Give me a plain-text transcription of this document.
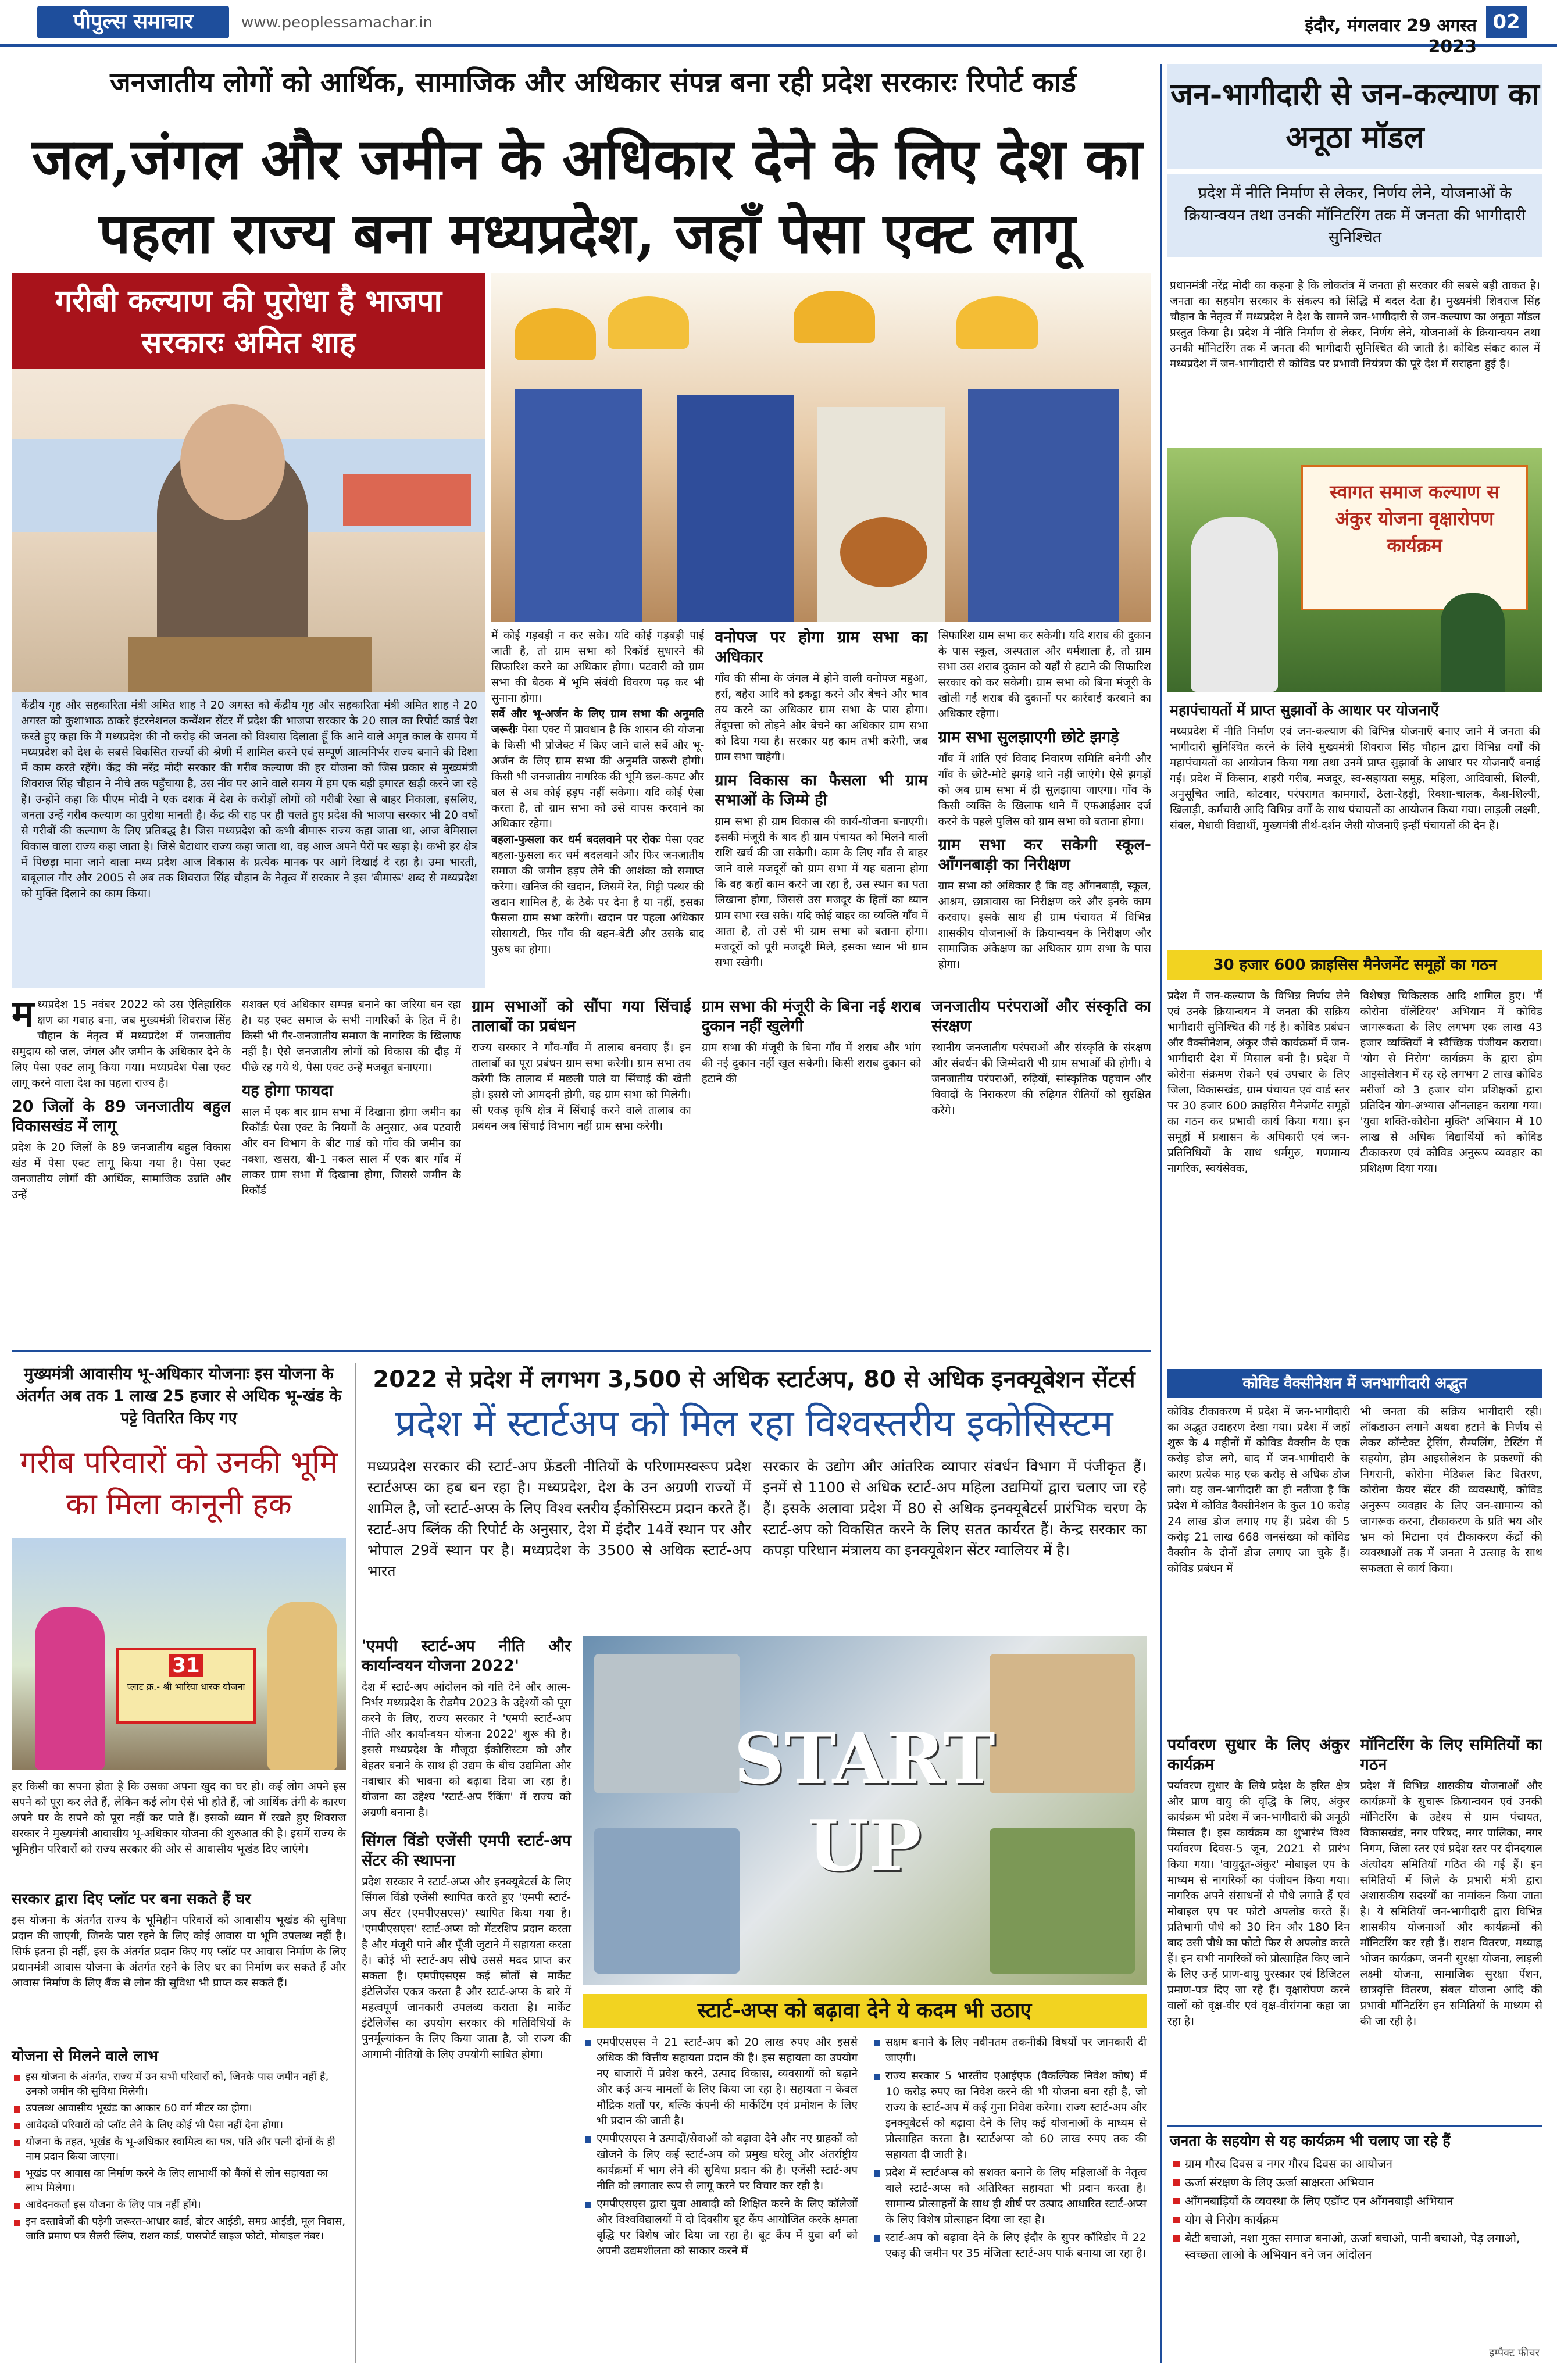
पीपुल्स समाचार	www.peoplessamachar.in	इंदौर, मंगलवार 29 अगस्त 2023
02
जनजातीय लोगों को आर्थिक, सामाजिक और अधिकार संपन्न बना रही प्रदेश सरकारः रिपोर्ट कार्ड
जल,जंगल और जमीन के अधिकार देने के लिए देश का पहला राज्य बना मध्यप्रदेश, जहाँ पेसा एक्ट लागू
गरीबी कल्याण की पुरोधा है भाजपा सरकारः अमित शाह
केंद्रीय गृह और सहकारिता मंत्री अमित शाह ने 20 अगस्त को केंद्रीय गृह और सहकारिता मंत्री अमित शाह ने 20 अगस्त को कुशाभाऊ ठाकरे इंटरनेशनल कन्वेंशन सेंटर में प्रदेश की भाजपा सरकार के 20 साल का रिपोर्ट कार्ड पेश करते हुए कहा कि मैं मध्यप्रदेश की नौ करोड़ की जनता को विश्वास दिलाता हूँ कि आने वाले अमृत काल के समय में मध्यप्रदेश को देश के सबसे विकसित राज्यों की श्रेणी में शामिल करने एवं सम्पूर्ण आत्मनिर्भर राज्य बनाने की दिशा में काम करते रहेंगे। केंद्र की नरेंद्र मोदी सरकार की गरीब कल्याण की हर योजना को जिस प्रकार से मुख्यमंत्री शिवराज सिंह चौहान ने नीचे तक पहुँचाया है, उस नींव पर आने वाले समय में हम एक बड़ी इमारत खड़ी करने जा रहे हैं। उन्होंने कहा कि पीएम मोदी ने एक दशक में देश के करोड़ों लोगों को गरीबी रेखा से बाहर निकाला, इसलिए, जनता उन्हें गरीब कल्याण का पुरोधा मानती है। केंद्र की राह पर ही चलते हुए प्रदेश की भाजपा सरकार भी 20 वर्षों से गरीबों की कल्याण के लिए प्रतिबद्ध है। जिस मध्यप्रदेश को कभी बीमारू राज्य कहा जाता था, आज बेमिसाल विकास वाला राज्य कहा जाता है। जिसे बैटाधार राज्य कहा जाता था, वह आज अपने पैरों पर खड़ा है। कभी हर क्षेत्र में पिछड़ा माना जाने वाला मध्य प्रदेश आज विकास के प्रत्येक मानक पर आगे दिखाई दे रहा है। उमा भारती, बाबूलाल गौर और 2005 से अब तक शिवराज सिंह चौहान के नेतृत्व में सरकार ने इस 'बीमारू' शब्द से मध्यप्रदेश को मुक्ति दिलाने का काम किया।
में कोई गड़बड़ी न कर सके। यदि कोई गड़बड़ी पाई जाती है, तो ग्राम सभा को रिकॉर्ड सुधारने की सिफारिश करने का अधिकार होगा। पटवारी को ग्राम सभा की बैठक में भूमि संबंधी विवरण पढ़ कर भी सुनाना होगा।
सर्वे और भू-अर्जन के लिए ग्राम सभा की अनुमति जरूरीः पेसा एक्ट में प्रावधान है कि शासन की योजना के किसी भी प्रोजेक्ट में किए जाने वाले सर्वे और भू-अर्जन के लिए ग्राम सभा की अनुमति जरूरी होगी। किसी भी जनजातीय नागरिक की भूमि छल-कपट और बल से अब कोई हड़प नहीं सकेगा। यदि कोई ऐसा करता है, तो ग्राम सभा को उसे वापस करवाने का अधिकार रहेगा।
बहला-फुसला कर धर्म बदलवाने पर रोकः पेसा एक्ट बहला-फुसला कर धर्म बदलवाने और फिर जनजातीय समाज की जमीन हड़प लेने की आशंका को समाप्त करेगा। खनिज की खदान, जिसमें रेत, गिट्टी पत्थर की खदान शामिल है, के ठेके पर देना है या नहीं, इसका फैसला ग्राम सभा करेगी। खदान पर पहला अधिकार सोसायटी, फिर गाँव की बहन-बेटी और उसके बाद पुरुष का होगा।
वनोपज पर होगा ग्राम सभा का अधिकार
गाँव की सीमा के जंगल में होने वाली वनोपज महुआ, हर्रा, बहेरा आदि को इकट्ठा करने और बेचने और भाव तय करने का अधिकार ग्राम सभा के पास होगा। तेंदूपत्ता को तोड़ने और बेचने का अधिकार ग्राम सभा को दिया गया है। सरकार यह काम तभी करेगी, जब ग्राम सभा चाहेगी।
ग्राम विकास का फैसला भी ग्राम सभाओं के जिम्मे ही
ग्राम सभा ही ग्राम विकास की कार्य-योजना बनाएगी। इसकी मंजूरी के बाद ही ग्राम पंचायत को मिलने वाली राशि खर्च की जा सकेगी। काम के लिए गाँव से बाहर जाने वाले मजदूरों को ग्राम सभा में यह बताना होगा कि वह कहाँ काम करने जा रहा है, उस स्थान का पता लिखाना होगा, जिससे उस मजदूर के हितों का ध्यान ग्राम सभा रख सके। यदि कोई बाहर का व्यक्ति गाँव में आता है, तो उसे भी ग्राम सभा को बताना होगा। मजदूरों को पूरी मजदूरी मिले, इसका ध्यान भी ग्राम सभा रखेगी।
सिफारिश ग्राम सभा कर सकेगी। यदि शराब की दुकान के पास स्कूल, अस्पताल और धर्मशाला है, तो ग्राम सभा उस शराब दुकान को यहाँ से हटाने की सिफारिश सरकार को कर सकेगी। ग्राम सभा को बिना मंजूरी के खोली गई शराब की दुकानों पर कार्रवाई करवाने का अधिकार रहेगा।
ग्राम सभा सुलझाएगी छोटे झगड़े
गाँव में शांति एवं विवाद निवारण समिति बनेगी और गाँव के छोटे-मोटे झगड़े थाने नहीं जाएंगे। ऐसे झगड़ों को अब ग्राम सभा में ही सुलझाया जाएगा। गाँव के किसी व्यक्ति के खिलाफ थाने में एफआईआर दर्ज करने के पहले पुलिस को ग्राम सभा को बताना होगा।
ग्राम सभा कर सकेगी स्कूल-आँगनबाड़ी का निरीक्षण
ग्राम सभा को अधिकार है कि वह आँगनबाड़ी, स्कूल, आश्रम, छात्रावास का निरीक्षण करे और इनके काम करवाए। इसके साथ ही ग्राम पंचायत में विभिन्न शासकीय योजनाओं के क्रियान्वयन के निरीक्षण और सामाजिक अंकेक्षण का अधिकार ग्राम सभा के पास होगा।
मध्यप्रदेश 15 नवंबर 2022 को उस ऐतिहासिक क्षण का गवाह बना, जब मुख्यमंत्री शिवराज सिंह चौहान के नेतृत्व में मध्यप्रदेश में जनजातीय समुदाय को जल, जंगल और जमीन के अधिकार देने के लिए पेसा एक्ट लागू किया गया। मध्यप्रदेश पेसा एक्ट लागू करने वाला देश का पहला राज्य है।
20 जिलों के 89 जनजातीय बहुल विकासखंड में लागू
प्रदेश के 20 जिलों के 89 जनजातीय बहुल विकास खंड में पेसा एक्ट लागू किया गया है। पेसा एक्ट जनजातीय लोगों की आर्थिक, सामाजिक उन्नति और उन्हें
सशक्त एवं अधिकार सम्पन्न बनाने का जरिया बन रहा है। यह एक्ट समाज के सभी नागरिकों के हित में है। किसी भी गैर-जनजातीय समाज के नागरिक के खिलाफ नहीं है। ऐसे जनजातीय लोगों को विकास की दौड़ में पीछे रह गये थे, पेसा एक्ट उन्हें मजबूत बनाएगा।
यह होगा फायदा
साल में एक बार ग्राम सभा में दिखाना होगा जमीन का रिकॉर्डः पेसा एक्ट के नियमों के अनुसार, अब पटवारी और वन विभाग के बीट गार्ड को गाँव की जमीन का नक्शा, खसरा, बी-1 नकल साल में एक बार गाँव में लाकर ग्राम सभा में दिखाना होगा, जिससे जमीन के रिकॉर्ड
ग्राम सभाओं को सौंपा गया सिंचाई तालाबों का प्रबंधन
राज्य सरकार ने गाँव-गाँव में तालाब बनवाए हैं। इन तालाबों का पूरा प्रबंधन ग्राम सभा करेगी। ग्राम सभा तय करेगी कि तालाब में मछली पाले या सिंचाई की खेती हो। इससे जो आमदनी होगी, वह ग्राम सभा को मिलेगी। सौ एकड़ कृषि क्षेत्र में सिंचाई करने वाले तालाब का प्रबंधन अब सिंचाई विभाग नहीं ग्राम सभा करेगी।
ग्राम सभा की मंजूरी के बिना नई शराब दुकान नहीं खुलेगी
ग्राम सभा की मंजूरी के बिना गाँव में शराब और भांग की नई दुकान नहीं खुल सकेगी। किसी शराब दुकान को हटाने की
जनजातीय परंपराओं और संस्कृति का संरक्षण
स्थानीय जनजातीय परंपराओं और संस्कृति के संरक्षण और संवर्धन की जिम्मेदारी भी ग्राम सभाओं की होगी। ये जनजातीय परंपराओं, रुढ़ियों, सांस्कृतिक पहचान और विवादों के निराकरण की रुढ़िगत रीतियों को सुरक्षित करेंगे।
जन-भागीदारी से जन-कल्याण का अनूठा मॉडल
प्रदेश में नीति निर्माण से लेकर, निर्णय लेने, योजनाओं के क्रियान्वयन तथा उनकी मॉनिटरिंग तक में जनता की भागीदारी सुनिश्चित
प्रधानमंत्री नरेंद्र मोदी का कहना है कि लोकतंत्र में जनता ही सरकार की सबसे बड़ी ताकत है। जनता का सहयोग सरकार के संकल्प को सिद्धि में बदल देता है। मुख्यमंत्री शिवराज सिंह चौहान के नेतृत्व में मध्यप्रदेश ने देश के सामने जन-भागीदारी से जन-कल्याण का अनूठा मॉडल प्रस्तुत किया है। प्रदेश में नीति निर्माण से लेकर, निर्णय लेने, योजनाओं के क्रियान्वयन तथा उनकी मॉनिटरिंग तक में जनता की भागीदारी सुनिश्चित की जाती है। कोविड संकट काल में मध्यप्रदेश में जन-भागीदारी से कोविड पर प्रभावी नियंत्रण की पूरे देश में सराहना हुई है।
स्वागत समाज कल्याण स अंकुर योजना वृक्षारोपण कार्यक्रम
महापंचायतों में प्राप्त सुझावों के आधार पर योजनाएँ
मध्यप्रदेश में नीति निर्माण एवं जन-कल्याण की विभिन्न योजनाएँ बनाए जाने में जनता की भागीदारी सुनिश्चित करने के लिये मुख्यमंत्री शिवराज सिंह चौहान द्वारा विभिन्न वर्गों की महापंचायतों का आयोजन किया गया तथा उनमें प्राप्त सुझावों के आधार पर योजनाएँ बनाई गईं। प्रदेश में किसान, शहरी गरीब, मजदूर, स्व-सहायता समूह, महिला, आदिवासी, शिल्पी, अनुसूचित जाति, कोटवार, परंपरागत कामगारों, ठेला-रेहड़ी, रिक्शा-चालक, कैश-शिल्पी, खिलाड़ी, कर्मचारी आदि विभिन्न वर्गों के साथ पंचायतों का आयोजन किया गया। लाड़ली लक्ष्मी, संबल, मेधावी विद्यार्थी, मुख्यमंत्री तीर्थ-दर्शन जैसी योजनाएँ इन्हीं पंचायतों की देन हैं।
30 हजार 600 क्राइसिस मैनेजमेंट समूहों का गठन
प्रदेश में जन-कल्याण के विभिन्न निर्णय लेने एवं उनके क्रियान्वयन में जनता की सक्रिय भागीदारी सुनिश्चित की गई है। कोविड प्रबंधन और वैक्सीनेशन, अंकुर जैसे कार्यक्रमों में जन-भागीदारी देश में मिसाल बनी है। प्रदेश में कोरोना संक्रमण रोकने एवं उपचार के लिए जिला, विकासखंड, ग्राम पंचायत एवं वार्ड स्तर पर 30 हजार 600 क्राइसिस मैनेजमेंट समूहों का गठन कर प्रभावी कार्य किया गया। इन समूहों में प्रशासन के अधिकारी एवं जन-प्रतिनिधियों के साथ धर्मगुरु, गणमान्य नागरिक, स्वयंसेवक,
विशेषज्ञ चिकित्सक आदि शामिल हुए। 'मैं कोरोना वॉलेंटियर' अभियान में कोविड जागरूकता के लिए लगभग एक लाख 43 हजार व्यक्तियों ने स्वैच्छिक पंजीयन कराया। 'योग से निरोग' कार्यक्रम के द्वारा होम आइसोलेशन में रह रहे लगभग 2 लाख कोविड मरीजों को 3 हजार योग प्रशिक्षकों द्वारा प्रतिदिन योग-अभ्यास ऑनलाइन कराया गया। 'युवा शक्ति-कोरोना मुक्ति' अभियान में 10 लाख से अधिक विद्यार्थियों को कोविड टीकाकरण एवं कोविड अनुरूप व्यवहार का प्रशिक्षण दिया गया।
कोविड वैक्सीनेशन में जनभागीदारी अद्भुत
कोविड टीकाकरण में प्रदेश में जन-भागीदारी का अद्भुत उदाहरण देखा गया। प्रदेश में जहाँ शुरू के 4 महीनों में कोविड वैक्सीन के एक करोड़ डोज लगे, बाद में जन-भागीदारी के कारण प्रत्येक माह एक करोड़ से अधिक डोज लगे। यह जन-भागीदारी का ही नतीजा है कि प्रदेश में कोविड वैक्सीनेशन के कुल 10 करोड़ 24 लाख डोज लगाए गए हैं। प्रदेश की 5 करोड़ 21 लाख 668 जनसंख्या को कोविड वैक्सीन के दोनों डोज लगाए जा चुके हैं। कोविड प्रबंधन में
भी जनता की सक्रिय भागीदारी रही। लॉकडाउन लगाने अथवा हटाने के निर्णय से लेकर कॉन्टैक्ट ट्रेसिंग, सैम्पलिंग, टेस्टिंग में सहयोग, होम आइसोलेशन के प्रकरणों की निगरानी, कोरोना मेडिकल किट वितरण, कोरोना केयर सेंटर की व्यवस्थाएँ, कोविड अनुरूप व्यवहार के लिए जन-सामान्य को जागरूक करना, टीकाकरण के प्रति भय और भ्रम को मिटाना एवं टीकाकरण केंद्रों की व्यवस्थाओं तक में जनता ने उत्साह के साथ सफलता से कार्य किया।
पर्यावरण सुधार के लिए अंकुर कार्यक्रम
पर्यावरण सुधार के लिये प्रदेश के हरित क्षेत्र और प्राण वायु की वृद्धि के लिए, अंकुर कार्यक्रम भी प्रदेश में जन-भागीदारी की अनूठी मिसाल है। इस कार्यक्रम का शुभारंभ विश्व पर्यावरण दिवस-5 जून, 2021 से प्रारंभ किया गया। 'वायुदूत-अंकुर' मोबाइल एप के माध्यम से नागरिकों का पंजीयन किया गया। नागरिक अपने संसाधनों से पौधे लगाते हैं एवं मोबाइल एप पर फोटो अपलोड करते हैं। प्रतिभागी पौधे को 30 दिन और 180 दिन बाद उसी पौधे का फोटो फिर से अपलोड करते हैं। इन सभी नागरिकों को प्रोत्साहित किए जाने के लिए उन्हें प्राण-वायु पुरस्कार एवं डिजिटल प्रमाण-पत्र दिए जा रहे हैं। वृक्षारोपण करने वालों को वृक्ष-वीर एवं वृक्ष-वीरांगना कहा जा रहा है।
मॉनिटरिंग के लिए समितियों का गठन
प्रदेश में विभिन्न शासकीय योजनाओं और कार्यक्रमों के सुचारू क्रियान्वयन एवं उनकी मॉनिटरिंग के उद्देश्य से ग्राम पंचायत, विकासखंड, नगर परिषद, नगर पालिका, नगर निगम, जिला स्तर एवं प्रदेश स्तर पर दीनदयाल अंत्योदय समितियाँ गठित की गई हैं। इन समितियों में जिले के प्रभारी मंत्री द्वारा अशासकीय सदस्यों का नामांकन किया जाता है। ये समितियाँ जन-भागीदारी द्वारा विभिन्न शासकीय योजनाओं और कार्यक्रमों की मॉनिटरिंग कर रही हैं। राशन वितरण, मध्याह्न भोजन कार्यक्रम, जननी सुरक्षा योजना, लाड़ली लक्ष्मी योजना, सामाजिक सुरक्षा पेंशन, छात्रवृत्ति वितरण, संबल योजना आदि की प्रभावी मॉनिटरिंग इन समितियों के माध्यम से की जा रही है।
जनता के सहयोग से यह कार्यक्रम भी चलाए जा रहे हैं
ग्राम गौरव दिवस व नगर गौरव दिवस का आयोजन
ऊर्जा संरक्षण के लिए ऊर्जा साक्षरता अभियान
आँगनबाड़ियों के व्यवस्था के लिए एडॉप्ट एन आँगनबाड़ी अभियान
योग से निरोग कार्यक्रम
बेटी बचाओ, नशा मुक्त समाज बनाओ, ऊर्जा बचाओ, पानी बचाओ, पेड़ लगाओ, स्वच्छता लाओ के अभियान बने जन आंदोलन
इम्पैक्ट फीचर
मुख्यमंत्री आवासीय भू-अधिकार योजनाः इस योजना के अंतर्गत अब तक 1 लाख 25 हजार से अधिक भू-खंड के पट्टे वितरित किए गए
गरीब परिवारों को उनकी भूमि का मिला कानूनी हक
31
प्लाट क्र.- श्री भारिया धारक योजना
हर किसी का सपना होता है कि उसका अपना खुद का घर हो। कई लोग अपने इस सपने को पूरा कर लेते हैं, लेकिन कई लोग ऐसे भी होते हैं, जो आर्थिक तंगी के कारण अपने घर के सपने को पूरा नहीं कर पाते हैं। इसको ध्यान में रखते हुए शिवराज सरकार ने मुख्यमंत्री आवासीय भू-अधिकार योजना की शुरुआत की है। इसमें राज्य के भूमिहीन परिवारों को राज्य सरकार की ओर से आवासीय भूखंड दिए जाएंगे।
सरकार द्वारा दिए प्लॉट पर बना सकते हैं घर
इस योजना के अंतर्गत राज्य के भूमिहीन परिवारों को आवासीय भूखंड की सुविधा प्रदान की जाएगी, जिनके पास रहने के लिए कोई आवास या भूमि उपलब्ध नहीं है। सिर्फ इतना ही नहीं, इस के अंतर्गत प्रदान किए गए प्लॉट पर आवास निर्माण के लिए प्रधानमंत्री आवास योजना के अंतर्गत रहने के लिए घर का निर्माण कर सकते हैं और आवास निर्माण के लिए बैंक से लोन की सुविधा भी प्राप्त कर सकते हैं।
योजना से मिलने वाले लाभ
इस योजना के अंतर्गत, राज्य में उन सभी परिवारों को, जिनके पास जमीन नहीं है, उनको जमीन की सुविधा मिलेगी।
उपलब्ध आवासीय भूखंड का आकार 60 वर्ग मीटर का होगा।
आवेदकों परिवारों को प्लॉट लेने के लिए कोई भी पैसा नहीं देना होगा।
योजना के तहत, भूखंड के भू-अधिकार स्वामित्व का पत्र, पति और पत्नी दोनों के ही नाम प्रदान किया जाएगा।
भूखंड पर आवास का निर्माण करने के लिए लाभार्थी को बैंकों से लोन सहायता का लाभ मिलेगा।
आवेदनकर्ता इस योजना के लिए पात्र नहीं होंगे।
इन दस्तावेजों की पड़ेगी जरूरत-आधार कार्ड, वोटर आईडी, समग्र आईडी, मूल निवास, जाति प्रमाण पत्र सैलरी स्लिप, राशन कार्ड, पासपोर्ट साइज फोटो, मोबाइल नंबर।
2022 से प्रदेश में लगभग 3,500 से अधिक स्टार्टअप, 80 से अधिक इनक्यूबेशन सेंटर्स
प्रदेश में स्टार्टअप को मिल रहा विश्वस्तरीय इकोसिस्टम
मध्यप्रदेश सरकार की स्टार्ट-अप फ्रेंडली नीतियों के परिणामस्वरूप प्रदेश स्टार्टअप्स का हब बन रहा है। मध्यप्रदेश, देश के उन अग्रणी राज्यों में शामिल है, जो स्टार्ट-अप्स के लिए विश्व स्तरीय ईकोसिस्टम प्रदान करते हैं। स्टार्ट-अप ब्लिंक की रिपोर्ट के अनुसार, देश में इंदौर 14वें स्थान पर और भोपाल 29वें स्थान पर है। मध्यप्रदेश के 3500 से अधिक स्टार्ट-अप भारत
सरकार के उद्योग और आंतरिक व्यापार संवर्धन विभाग में पंजीकृत हैं। इनमें से 1100 से अधिक स्टार्ट-अप महिला उद्यमियों द्वारा चलाए जा रहे हैं। इसके अलावा प्रदेश में 80 से अधिक इनक्यूबेटर्स प्रारंभिक चरण के स्टार्ट-अप को विकसित करने के लिए सतत कार्यरत हैं। केन्द्र सरकार का कपड़ा परिधान मंत्रालय का इनक्यूबेशन सेंटर ग्वालियर में है।
'एमपी स्टार्ट-अप नीति और कार्यान्वयन योजना 2022'
देश में स्टार्ट-अप आंदोलन को गति देने और आत्म-निर्भर मध्यप्रदेश के रोडमैप 2023 के उद्देश्यों को पूरा करने के लिए, राज्य सरकार ने 'एमपी स्टार्ट-अप नीति और कार्यान्वयन योजना 2022' शुरू की है। इससे मध्यप्रदेश के मौजूदा ईकोसिस्टम को और बेहतर बनाने के साथ ही उद्यम के बीच उद्यमिता और नवाचार की भावना को बढ़ावा दिया जा रहा है। योजना का उद्देश्य 'स्टार्ट-अप रैंकिंग' में राज्य को अग्रणी बनाना है।
सिंगल विंडो एजेंसी एमपी स्टार्ट-अप सेंटर की स्थापना
प्रदेश सरकार ने स्टार्ट-अप्स और इनक्यूबेटर्स के लिए सिंगल विंडो एजेंसी स्थापित करते हुए 'एमपी स्टार्ट-अप सेंटर (एमपीएसएस)' स्थापित किया गया है। 'एमपीएसएस' स्टार्ट-अप्स को मेंटरशिप प्रदान करता है और मंजूरी पाने और पूँजी जुटाने में सहायता करता है। कोई भी स्टार्ट-अप सीधे उससे मदद प्राप्त कर सकता है। एमपीएसएस कई स्रोतों से मार्केट इंटेलिजेंस एकत्र करता है और स्टार्ट-अप्स के बारे में महत्वपूर्ण जानकारी उपलब्ध कराता है। मार्केट इंटेलिजेंस का उपयोग सरकार की गतिविधियों के पुनर्मूल्यांकन के लिए किया जाता है, जो राज्य की आगामी नीतियों के लिए उपयोगी साबित होगा।
START
UP
स्टार्ट-अप्स को बढ़ावा देने ये कदम भी उठाए
एमपीएसएस ने 21 स्टार्ट-अप को 20 लाख रुपए और इससे अधिक की वित्तीय सहायता प्रदान की है। इस सहायता का उपयोग नए बाजारों में प्रवेश करने, उत्पाद विकास, व्यवसायों को बढ़ाने और कई अन्य मामलों के लिए किया जा रहा है। सहायता न केवल मौद्रिक शर्तों पर, बल्कि कंपनी की मार्केटिंग एवं प्रमोशन के लिए भी प्रदान की जाती है।
एमपीएसएस ने उत्पादों/सेवाओं को बढ़ावा देने और नए ग्राहकों को खोजने के लिए कई स्टार्ट-अप को प्रमुख घरेलू और अंतर्राष्ट्रीय कार्यक्रमों में भाग लेने की सुविधा प्रदान की है। एजेंसी स्टार्ट-अप नीति को लगातार रूप से लागू करने पर विचार कर रही है।
एमपीएसएस द्वारा युवा आबादी को शिक्षित करने के लिए कॉलेजों और विश्वविद्यालयों में दो दिवसीय बूट कैंप आयोजित करके क्षमता वृद्धि पर विशेष जोर दिया जा रहा है। बूट कैंप में युवा वर्ग को अपनी उद्यमशीलता को साकार करने में
सक्षम बनाने के लिए नवीनतम तकनीकी विषयों पर जानकारी दी जाएगी।
राज्य सरकार 5 भारतीय एआईएफ (वैकल्पिक निवेश कोष) में 10 करोड़ रुपए का निवेश करने की भी योजना बना रही है, जो राज्य के स्टार्ट-अप में कई गुना निवेश करेगा। राज्य स्टार्ट-अप और इनक्यूबेटर्स को बढ़ावा देने के लिए कई योजनाओं के माध्यम से प्रोत्साहित करता है। स्टार्टअप्स को 60 लाख रुपए तक की सहायता दी जाती है।
प्रदेश में स्टार्टअप्स को सशक्त बनाने के लिए महिलाओं के नेतृत्व वाले स्टार्ट-अप्स को अतिरिक्त सहायता भी प्रदान करता है। सामान्य प्रोत्साहनों के साथ ही शीर्ष पर उत्पाद आधारित स्टार्ट-अप्स के लिए विशेष प्रोत्साहन दिया जा रहा है।
स्टार्ट-अप को बढ़ावा देने के लिए इंदौर के सुपर कॉरिडोर में 22 एकड़ की जमीन पर 35 मंजिला स्टार्ट-अप पार्क बनाया जा रहा है।
